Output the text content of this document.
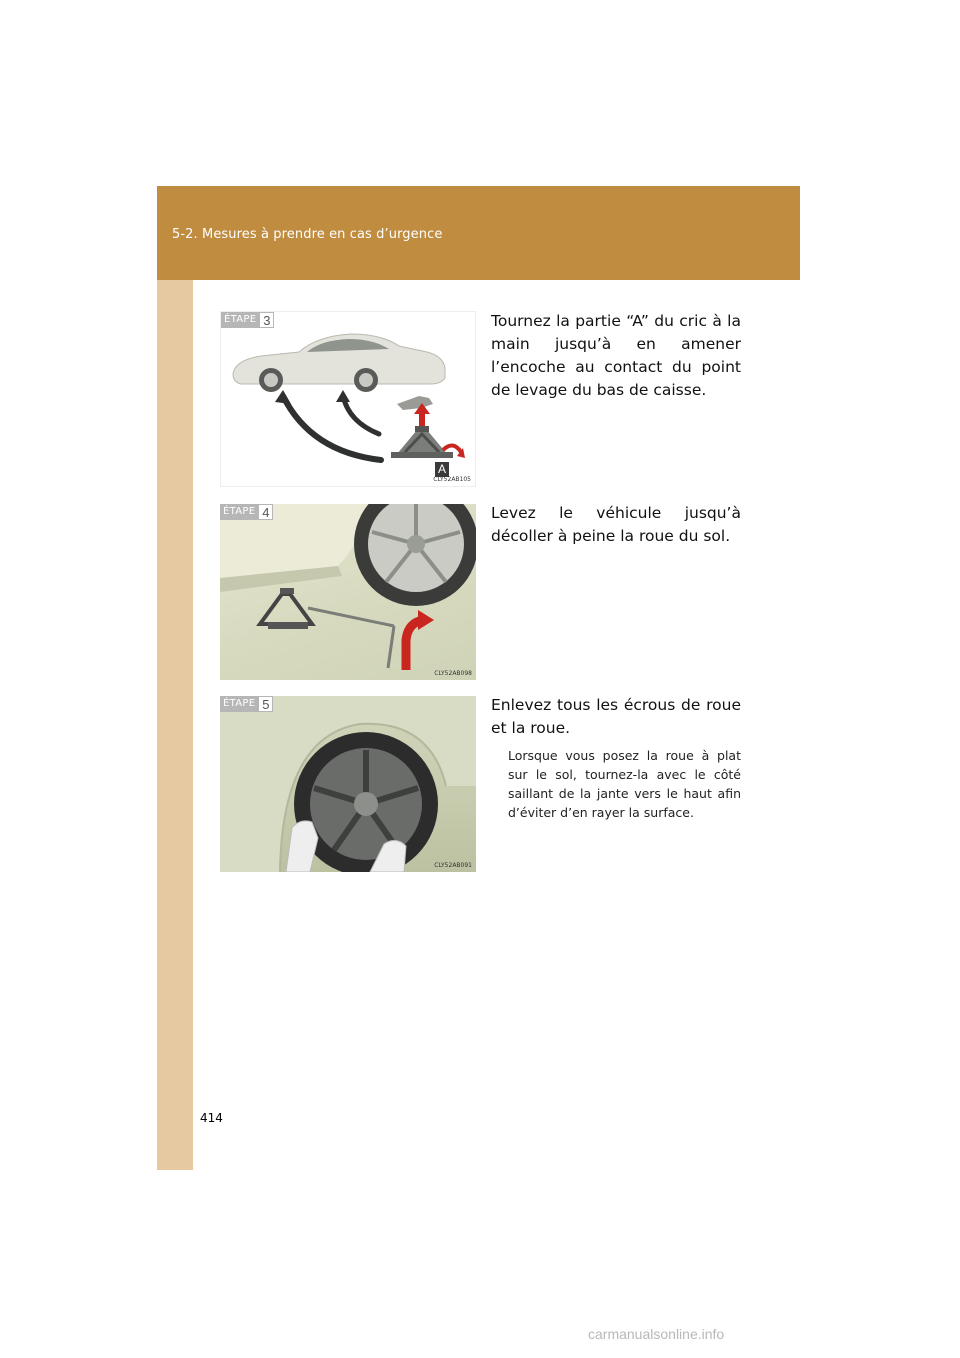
5-2. Mesures à prendre en cas d’urgence
ÉTAPE 3
A
CLY52AB105

Tournez la partie “A” du cric à la main jusqu’à en amener l’encoche au contact du point de levage du bas de caisse.

ÉTAPE 4
CLY52AB098

Levez le véhicule jusqu’à décoller à peine la roue du sol.

ÉTAPE 5
CLY52AB091

Enlevez tous les écrous de roue et la roue.

Lorsque vous posez la roue à plat sur le sol, tournez-la avec le côté saillant de la jante vers le haut afin d’éviter d’en rayer la surface.

414
carmanualsonline.info
